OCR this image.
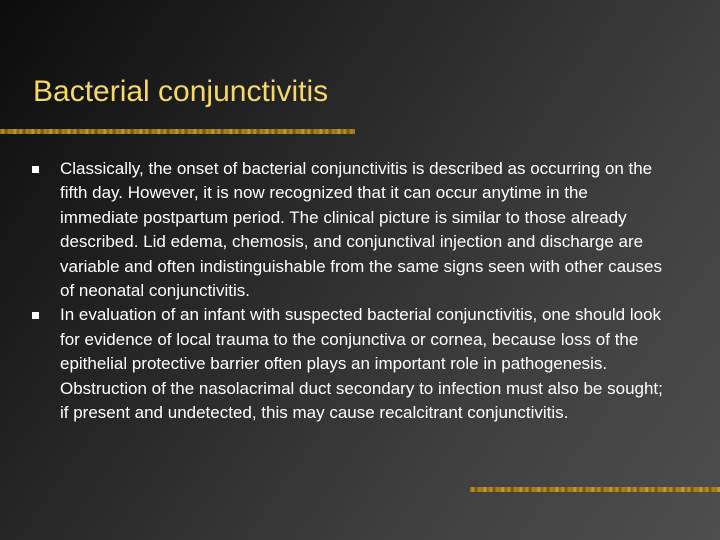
Bacterial conjunctivitis
Classically, the onset of bacterial conjunctivitis is described as occurring on the fifth day. However, it is now recognized that it can occur anytime in the immediate postpartum period. The clinical picture is similar to those already described. Lid edema, chemosis, and conjunctival injection and discharge are variable and often indistinguishable from the same signs seen with other causes of neonatal conjunctivitis.
In evaluation of an infant with suspected bacterial conjunctivitis, one should look for evidence of local trauma to the conjunctiva or cornea, because loss of the epithelial protective barrier often plays an important role in pathogenesis. Obstruction of the nasolacrimal duct secondary to infection must also be sought; if present and undetected, this may cause recalcitrant conjunctivitis.
